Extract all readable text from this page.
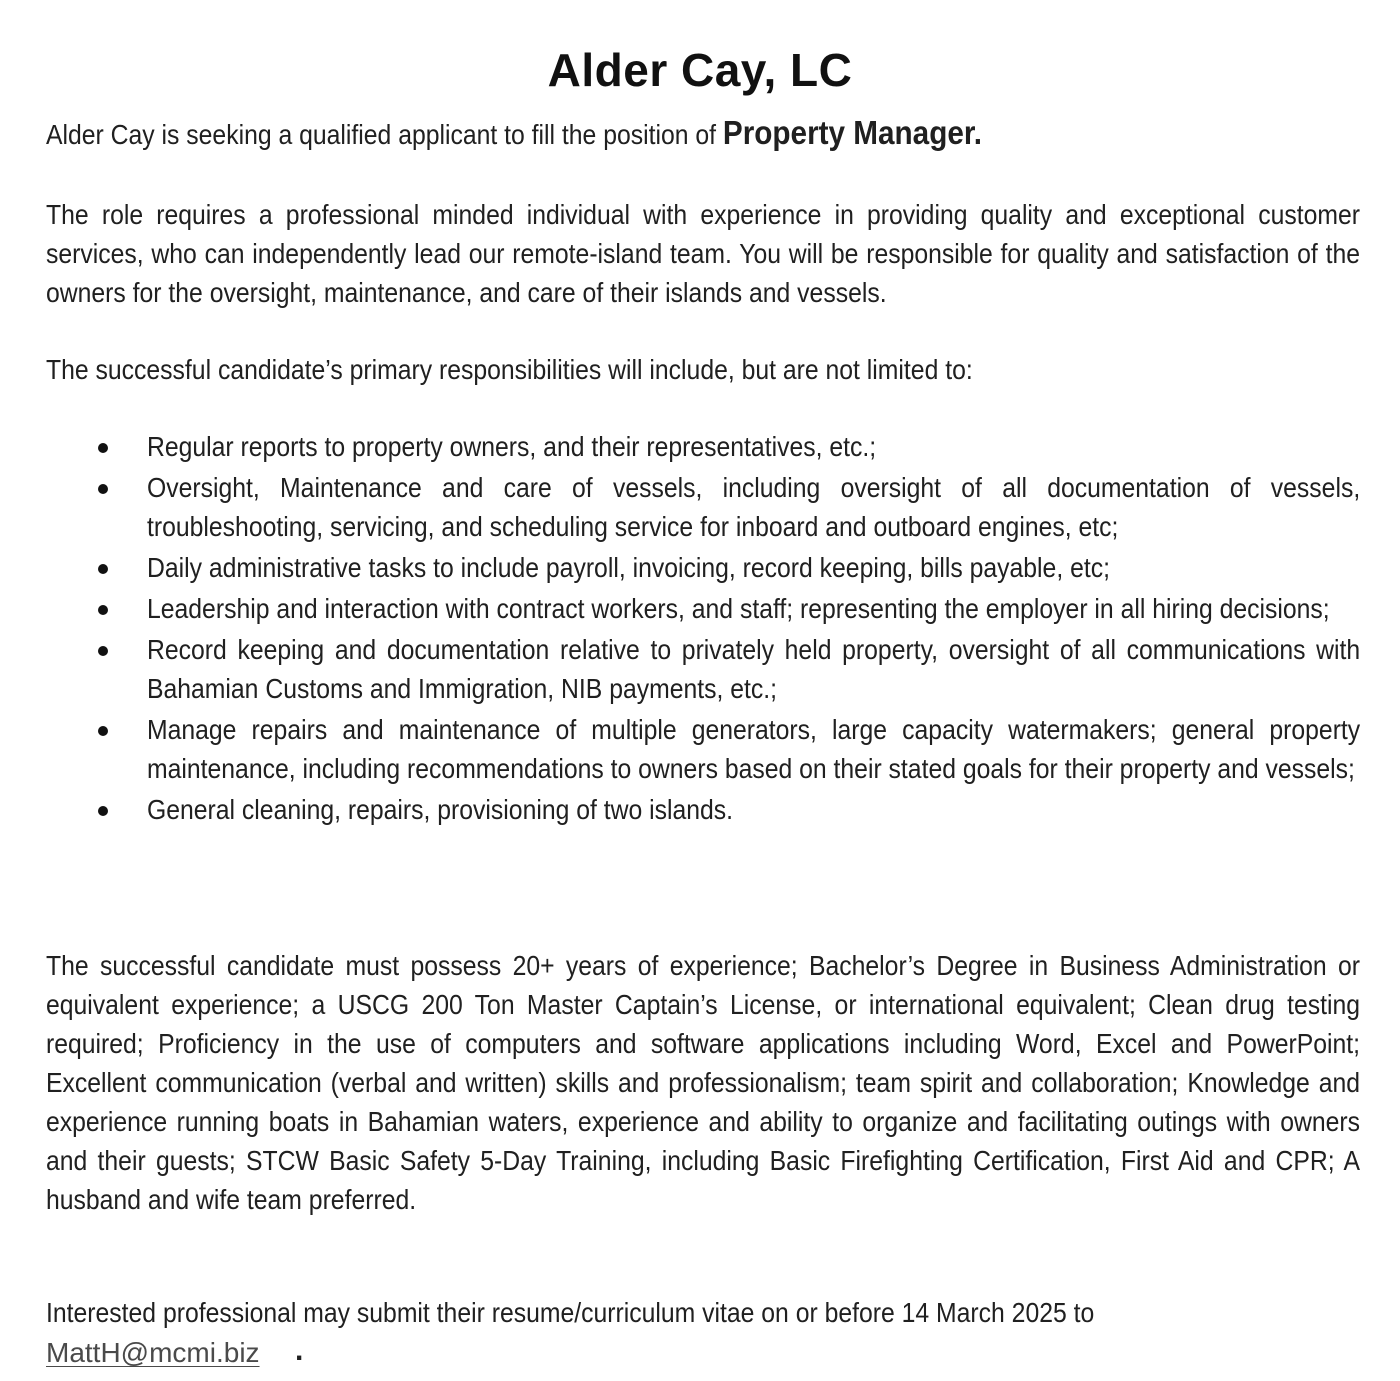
Alder Cay, LC
Alder Cay is seeking a qualified applicant to fill the position of Property Manager.

The role requires a professional minded individual with experience in providing quality and exceptional customer services, who can independently lead our remote-island team. You will be responsible for quality and satisfaction of the owners for the oversight, maintenance, and care of their islands and vessels.

The successful candidate’s primary responsibilities will include, but are not limited to:

Regular reports to property owners, and their representatives, etc.;
Oversight, Maintenance and care of vessels, including oversight of all documentation of vessels, troubleshooting, servicing, and scheduling service for inboard and outboard engines, etc;
Daily administrative tasks to include payroll, invoicing, record keeping, bills payable, etc;
Leadership and interaction with contract workers, and staff; representing the employer in all hiring decisions;
Record keeping and documentation relative to privately held property, oversight of all communications with Bahamian Customs and Immigration, NIB payments, etc.;
Manage repairs and maintenance of multiple generators, large capacity watermakers; general property maintenance, including recommendations to owners based on their stated goals for their property and vessels;
General cleaning, repairs, provisioning of two islands.

The successful candidate must possess 20+ years of experience; Bachelor’s Degree in Business Administration or equivalent experience; a USCG 200 Ton Master Captain’s License, or international equivalent; Clean drug testing required; Proficiency in the use of computers and software applications including Word, Excel and PowerPoint; Excellent communication (verbal and written) skills and professionalism; team spirit and collaboration; Knowledge and experience running boats in Bahamian waters, experience and ability to organize and facilitating outings with owners and their guests; STCW Basic Safety 5-Day Training, including Basic Firefighting Certification, First Aid and CPR; A husband and wife team preferred.

Interested professional may submit their resume/curriculum vitae on or before 14 March 2025 to

MattH@mcmi.biz .
